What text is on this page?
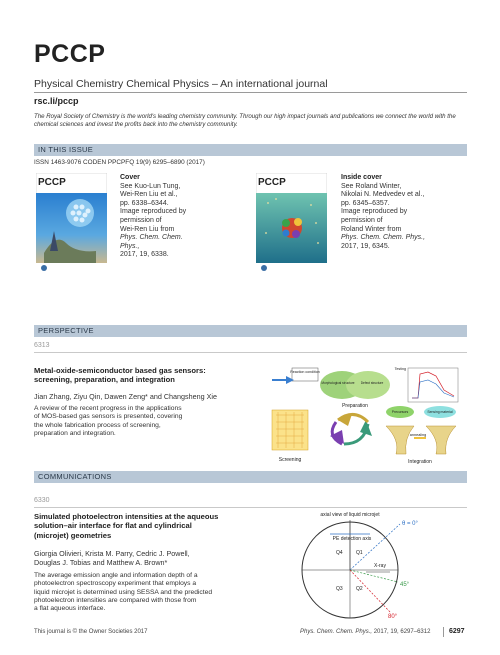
PCCP
Physical Chemistry Chemical Physics – An international journal
rsc.li/pccp
The Royal Society of Chemistry is the world's leading chemistry community. Through our high impact journals and publications we connect the world with the chemical sciences and invest the profits back into the chemistry community.
IN THIS ISSUE
ISSN 1463-9076 CODEN PPCPFQ 19(9) 6295–6890 (2017)
PCCP	Cover
See Kuo-Lun Tung,
Wei-Ren Liu et al.,
pp. 6338–6344.
Image reproduced by
permission of
Wei-Ren Liu from
Phys. Chem. Chem. Phys.,
2017, 19, 6338.
PCCP	Inside cover
See Roland Winter,
Nikolai N. Medvedev et al.,
pp. 6345–6357.
Image reproduced by
permission of
Roland Winter from
Phys. Chem. Chem. Phys.,
2017, 19, 6345.
PERSPECTIVE
6313
Metal-oxide-semiconductor based gas sensors:
screening, preparation, and integration
Jian Zhang, Ziyu Qin, Dawen Zeng* and Changsheng Xie
A review of the recent progress in the applications
of MOS-based gas sensors is presented, covering
the whole fabrication process of screening,
preparation and integration.
Reaction condition
Morphological structure Defect structure
Preparation
Testing
Screening
Precursors	Sensing material
annealing
Integration
COMMUNICATIONS
6330
Simulated photoelectron intensities at the aqueous
solution–air interface for flat and cylindrical
(microjet) geometries
Giorgia Olivieri, Krista M. Parry, Cedric J. Powell,
Douglas J. Tobias and Matthew A. Brown*
The average emission angle and information depth of a
photoelectron spectroscopy experiment that employs a
liquid microjet is determined using SESSA and the predicted
photoelectron intensities are compared with those from
a flat aqueous interface.
axial view of liquid microjet
PE detection axis
Q4	Q1
Q3	Q2
X-ray
θ = 0°
45°
80°
This journal is © the Owner Societies 2017	Phys. Chem. Chem. Phys., 2017, 19, 6297–6312	6297
